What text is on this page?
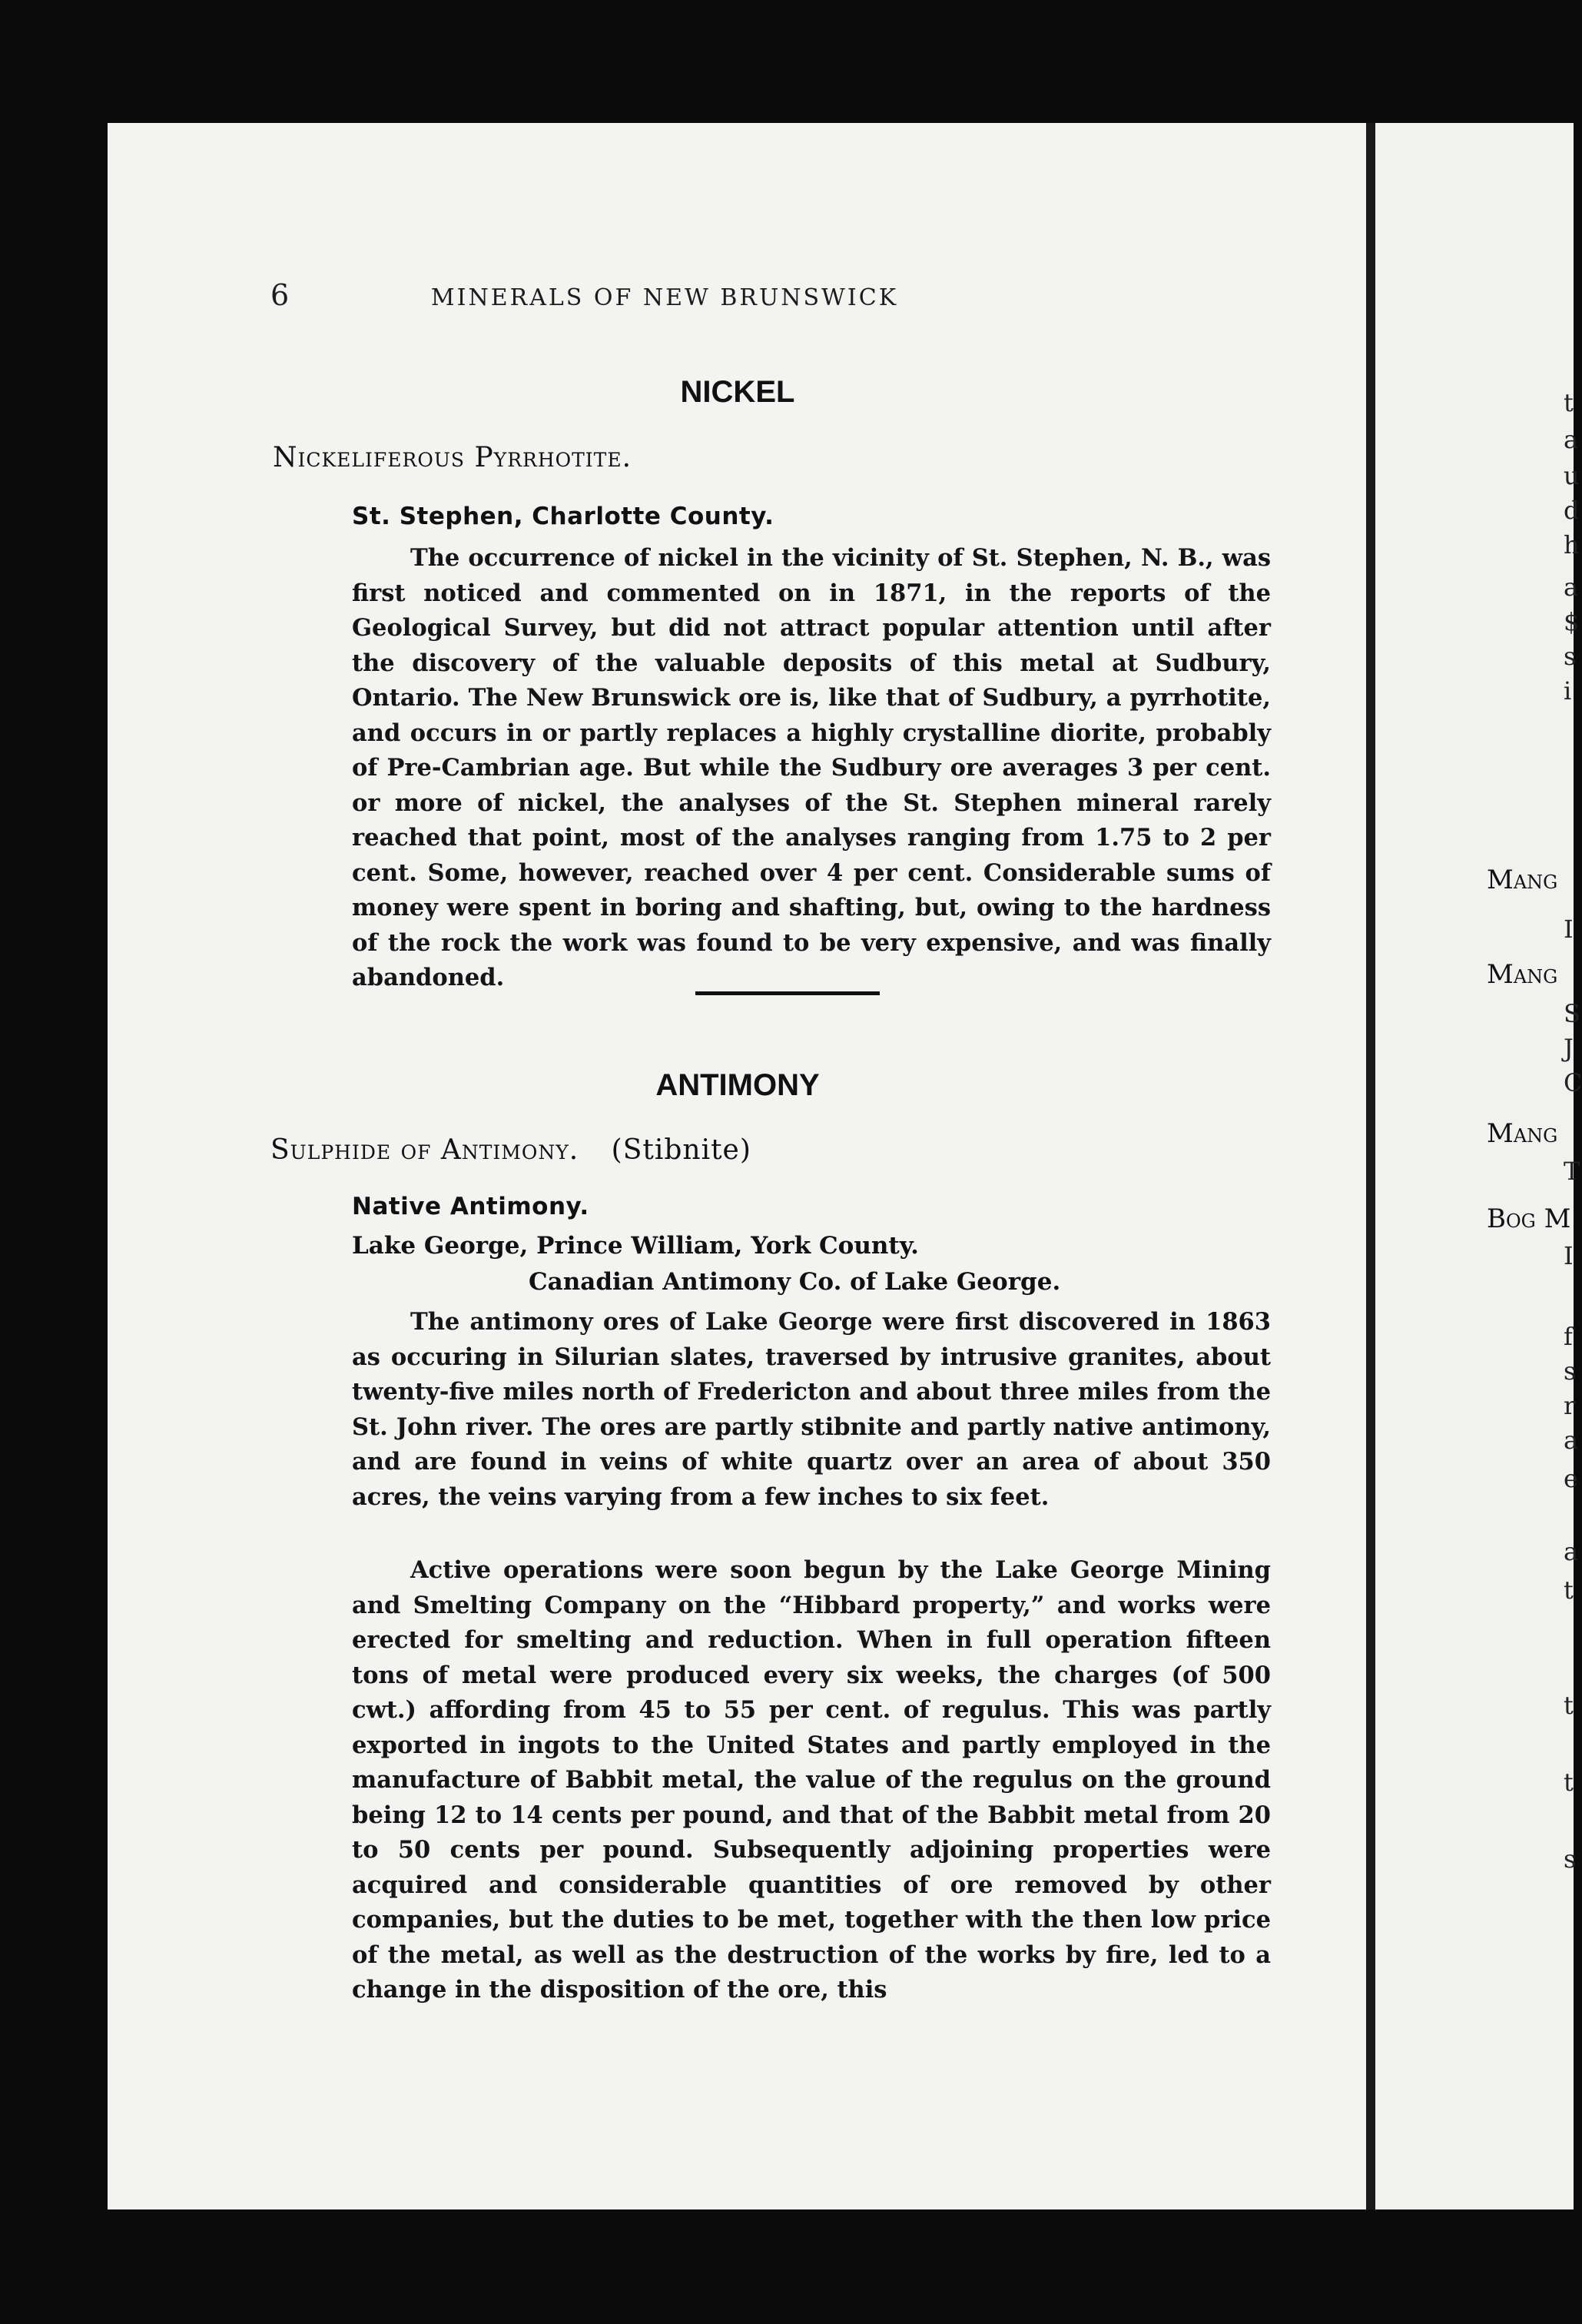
6	MINERALS OF NEW BRUNSWICK
NICKEL
Nickeliferous Pyrrhotite.
St. Stephen, Charlotte County.

The occurrence of nickel in the vicinity of St. Stephen, N. B., was first noticed and commented on in 1871, in the reports of the Geological Survey, but did not attract popular attention until after the discovery of the valuable deposits of this metal at Sudbury, Ontario. The New Brunswick ore is, like that of Sudbury, a pyrrhotite, and occurs in or partly replaces a highly crystalline diorite, probably of Pre-Cambrian age. But while the Sudbury ore averages 3 per cent. or more of nickel, the analyses of the St. Stephen mineral rarely reached that point, most of the analyses ranging from 1.75 to 2 per cent. Some, however, reached over 4 per cent. Considerable sums of money were spent in boring and shafting, but, owing to the hardness of the rock the work was found to be very expensive, and was finally abandoned.

ANTIMONY
Sulphide of Antimony. (Stibnite)
Native Antimony.
Lake George, Prince William, York County.
Canadian Antimony Co. of Lake George.

The antimony ores of Lake George were first discovered in 1863 as occuring in Silurian slates, traversed by intrusive granites, about twenty-five miles north of Fredericton and about three miles from the St. John river. The ores are partly stibnite and partly native antimony, and are found in veins of white quartz over an area of about 350 acres, the veins varying from a few inches to six feet.

Active operations were soon begun by the Lake George Mining and Smelting Company on the “Hibbard property,” and works were erected for smelting and reduction. When in full operation fifteen tons of metal were produced every six weeks, the charges (of 500 cwt.) affording from 45 to 55 per cent. of regulus. This was partly exported in ingots to the United States and partly employed in the manufacture of Babbit metal, the value of the regulus on the ground being 12 to 14 cents per pound, and that of the Babbit metal from 20 to 50 cents per pound. Subsequently adjoining properties were acquired and considerable quantities of ore removed by other companies, but the duties to be met, together with the then low price of the metal, as well as the destruction of the works by fire, led to a change in the disposition of the ore, this

Mang
Mang
Mang
Bog M
t
a
u
d
h
a
$
s
i
I
S
J
C
T
I
f
s
r
a
e
a
t
t
t
s
